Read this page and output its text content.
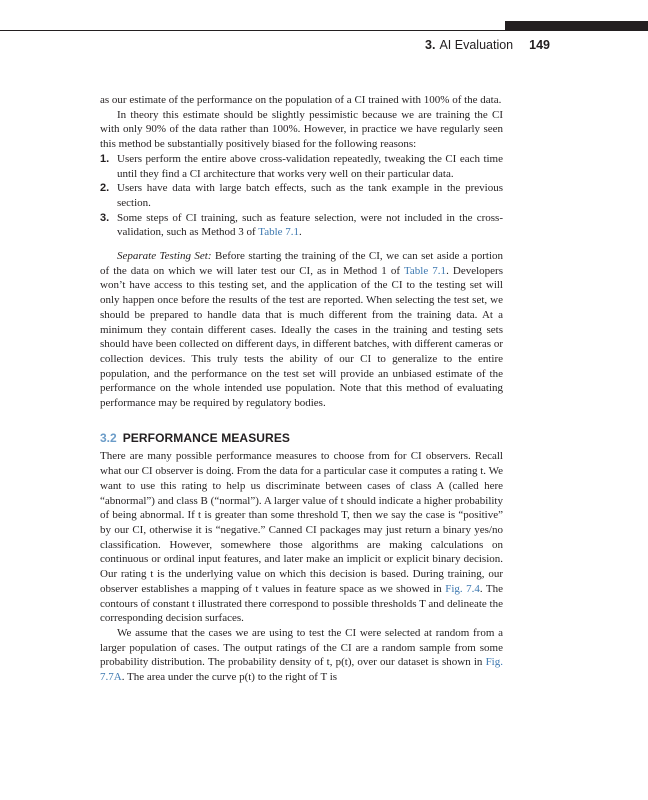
3. AI Evaluation 149

as our estimate of the performance on the population of a CI trained with 100% of the data.

In theory this estimate should be slightly pessimistic because we are training the CI with only 90% of the data rather than 100%. However, in practice we have regularly seen this method be substantially positively biased for the following reasons:

1. Users perform the entire above cross-validation repeatedly, tweaking the CI each time until they find a CI architecture that works very well on their particular data.
2. Users have data with large batch effects, such as the tank example in the previous section.
3. Some steps of CI training, such as feature selection, were not included in the cross-validation, such as Method 3 of Table 7.1.

Separate Testing Set: Before starting the training of the CI, we can set aside a portion of the data on which we will later test our CI, as in Method 1 of Table 7.1. Developers won’t have access to this testing set, and the application of the CI to the testing set will only happen once before the results of the test are reported. When selecting the test set, we should be prepared to handle data that is much different from the training data. At a minimum they contain different cases. Ideally the cases in the training and testing sets should have been collected on different days, in different batches, with different cameras or collection devices. This truly tests the ability of our CI to generalize to the entire population, and the performance on the test set will provide an unbiased estimate of the performance on the whole intended use population. Note that this method of evaluating performance may be required by regulatory bodies.

3.2 PERFORMANCE MEASURES

There are many possible performance measures to choose from for CI observers. Recall what our CI observer is doing. From the data for a particular case it computes a rating t. We want to use this rating to help us discriminate between cases of class A (called here “abnormal”) and class B (“normal”). A larger value of t should indicate a higher probability of being abnormal. If t is greater than some threshold T, then we say the case is “positive” by our CI, otherwise it is “negative.” Canned CI packages may just return a binary yes/no classification. However, somewhere those algorithms are making calculations on continuous or ordinal input features, and later make an implicit or explicit binary decision. Our rating t is the underlying value on which this decision is based. During training, our observer establishes a mapping of t values in feature space as we showed in Fig. 7.4. The contours of constant t illustrated there correspond to possible thresholds T and delineate the corresponding decision surfaces.

We assume that the cases we are using to test the CI were selected at random from a larger population of cases. The output ratings of the CI are a random sample from some probability distribution. The probability density of t, p(t), over our dataset is shown in Fig. 7.7A. The area under the curve p(t) to the right of T is
